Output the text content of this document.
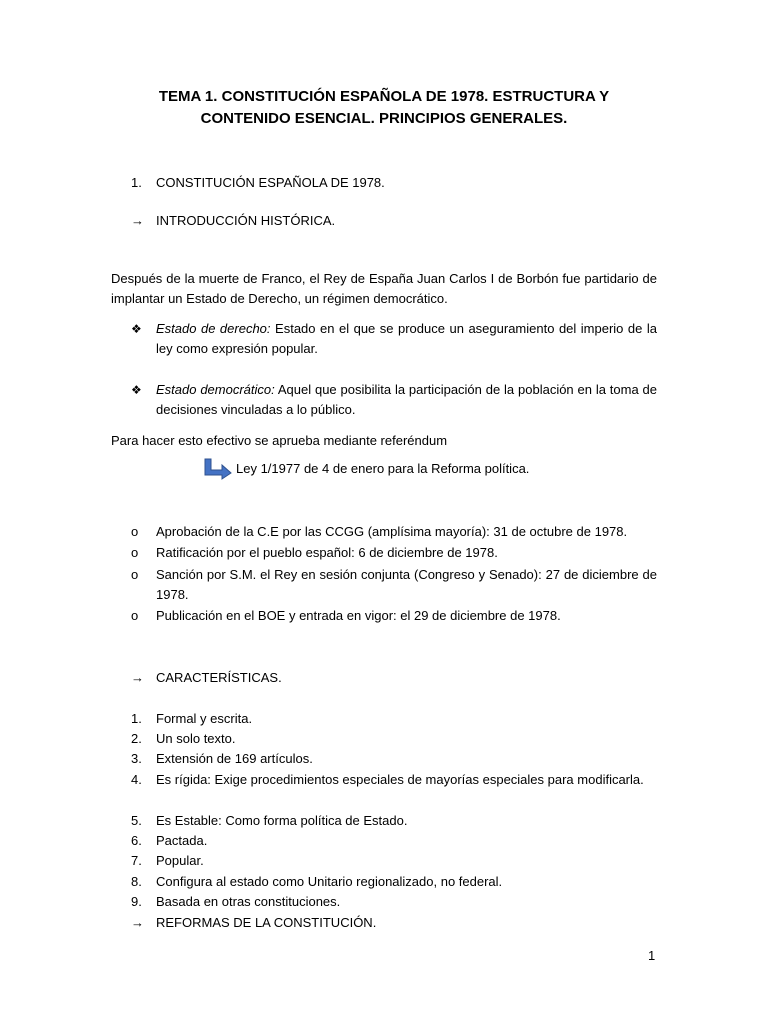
TEMA 1. CONSTITUCIÓN ESPAÑOLA DE 1978. ESTRUCTURA Y
CONTENIDO ESENCIAL. PRINCIPIOS GENERALES.
1.	CONSTITUCIÓN ESPAÑOLA DE 1978.
→ INTRODUCCIÓN HISTÓRICA.
Después de la muerte de Franco, el Rey de España Juan Carlos I de Borbón fue partidario de implantar un Estado de Derecho, un régimen democrático.
❖	Estado de derecho: Estado en el que se produce un aseguramiento del imperio de la ley como expresión popular.
❖	Estado democrático: Aquel que posibilita la participación de la población en la toma de decisiones vinculadas a lo público.
Para hacer esto efectivo se aprueba mediante referéndum
Ley 1/1977 de 4 de enero para la Reforma política.
o	Aprobación de la C.E por las CCGG (amplísima mayoría): 31 de octubre de 1978.
o	Ratificación por el pueblo español: 6 de diciembre de 1978.
o	Sanción por S.M. el Rey en sesión conjunta (Congreso y Senado): 27 de diciembre de 1978.
o	Publicación en el BOE y entrada en vigor: el 29 de diciembre de 1978.
→ CARACTERÍSTICAS.
1.	Formal y escrita.
2.	Un solo texto.
3.	Extensión de 169 artículos.
4.	Es rígida: Exige procedimientos especiales de mayorías especiales para modificarla.
5.	Es Estable: Como forma política de Estado.
6.	Pactada.
7.	Popular.
8.	Configura al estado como Unitario regionalizado, no federal.
9.	Basada en otras constituciones.
→ REFORMAS DE LA CONSTITUCIÓN.
1
